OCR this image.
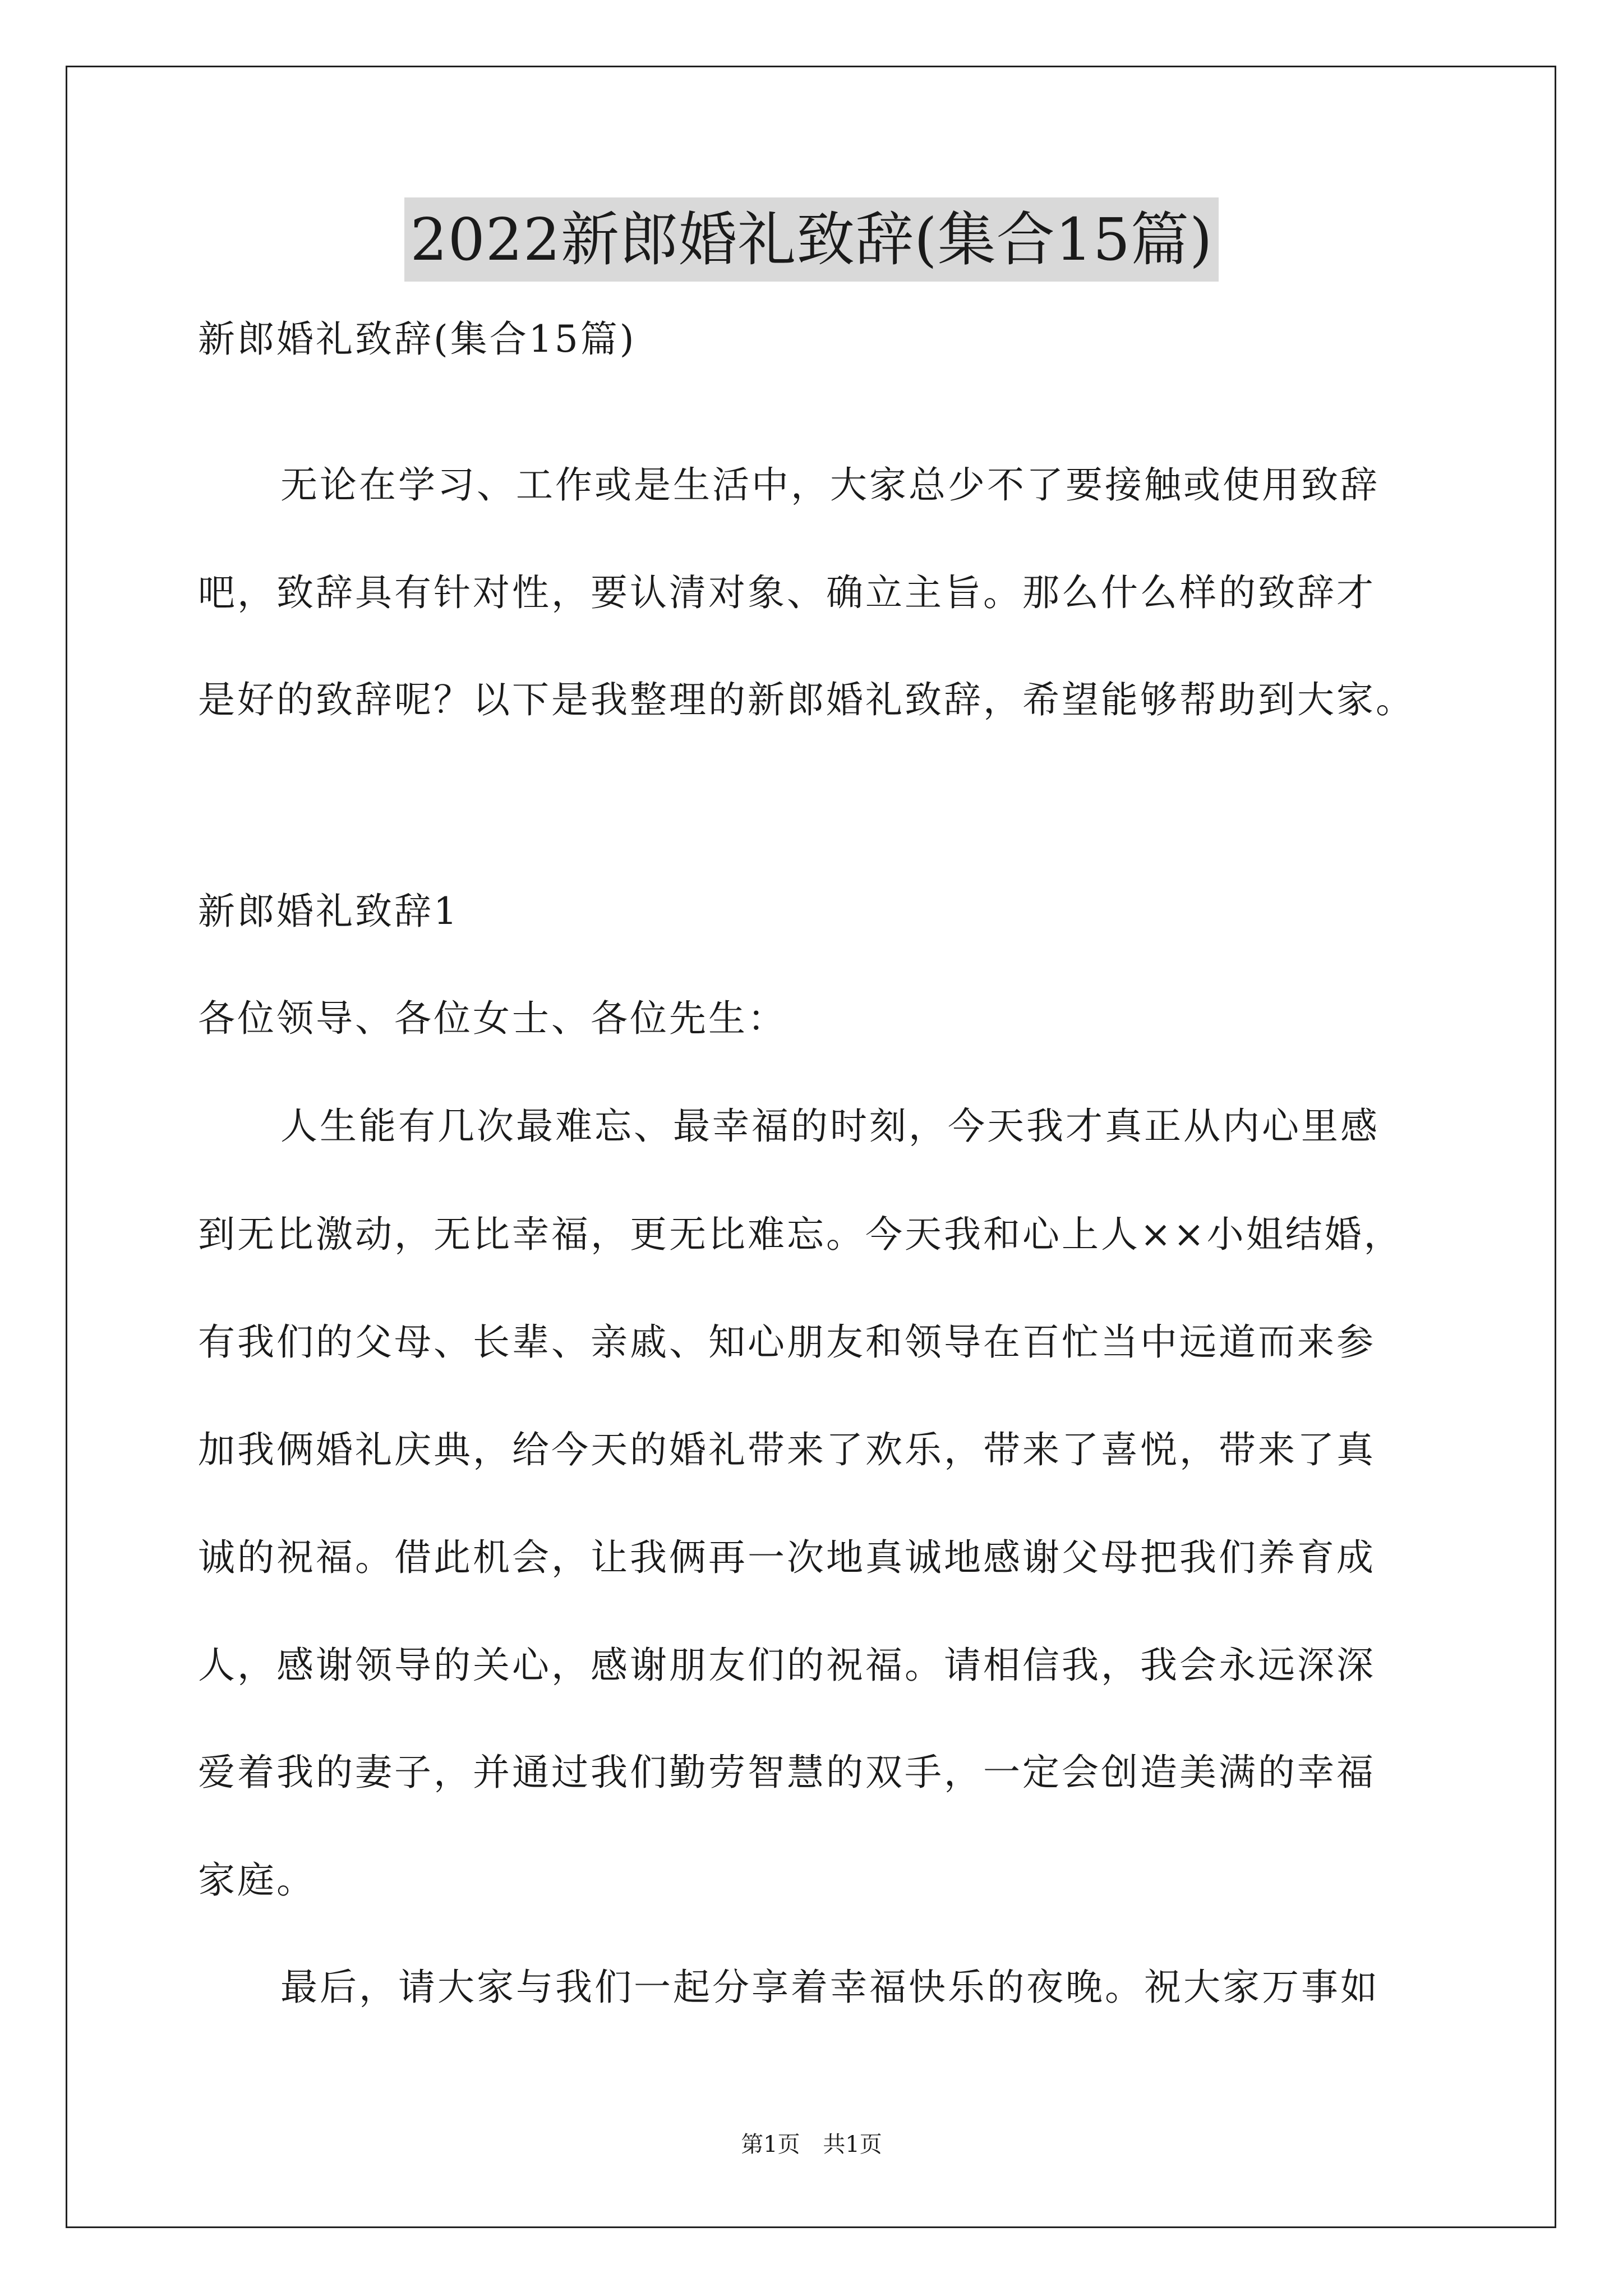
2022新郎婚礼致辞(集合15篇)
新郎婚礼致辞(集合15篇)
无论在学习、工作或是生活中，大家总少不了要接触或使用致辞
吧，致辞具有针对性，要认清对象、确立主旨。那么什么样的致辞才
是好的致辞呢？以下是我整理的新郎婚礼致辞，希望能够帮助到大家。
新郎婚礼致辞1
各位领导、各位女士、各位先生：
人生能有几次最难忘、最幸福的时刻，今天我才真正从内心里感
到无比激动，无比幸福，更无比难忘。今天我和心上人××小姐结婚，
有我们的父母、长辈、亲戚、知心朋友和领导在百忙当中远道而来参
加我俩婚礼庆典，给今天的婚礼带来了欢乐，带来了喜悦，带来了真
诚的祝福。借此机会，让我俩再一次地真诚地感谢父母把我们养育成
人，感谢领导的关心，感谢朋友们的祝福。请相信我，我会永远深深
爱着我的妻子，并通过我们勤劳智慧的双手，一定会创造美满的幸福
家庭。
最后，请大家与我们一起分享着幸福快乐的夜晚。祝大家万事如
第1页 共1页
